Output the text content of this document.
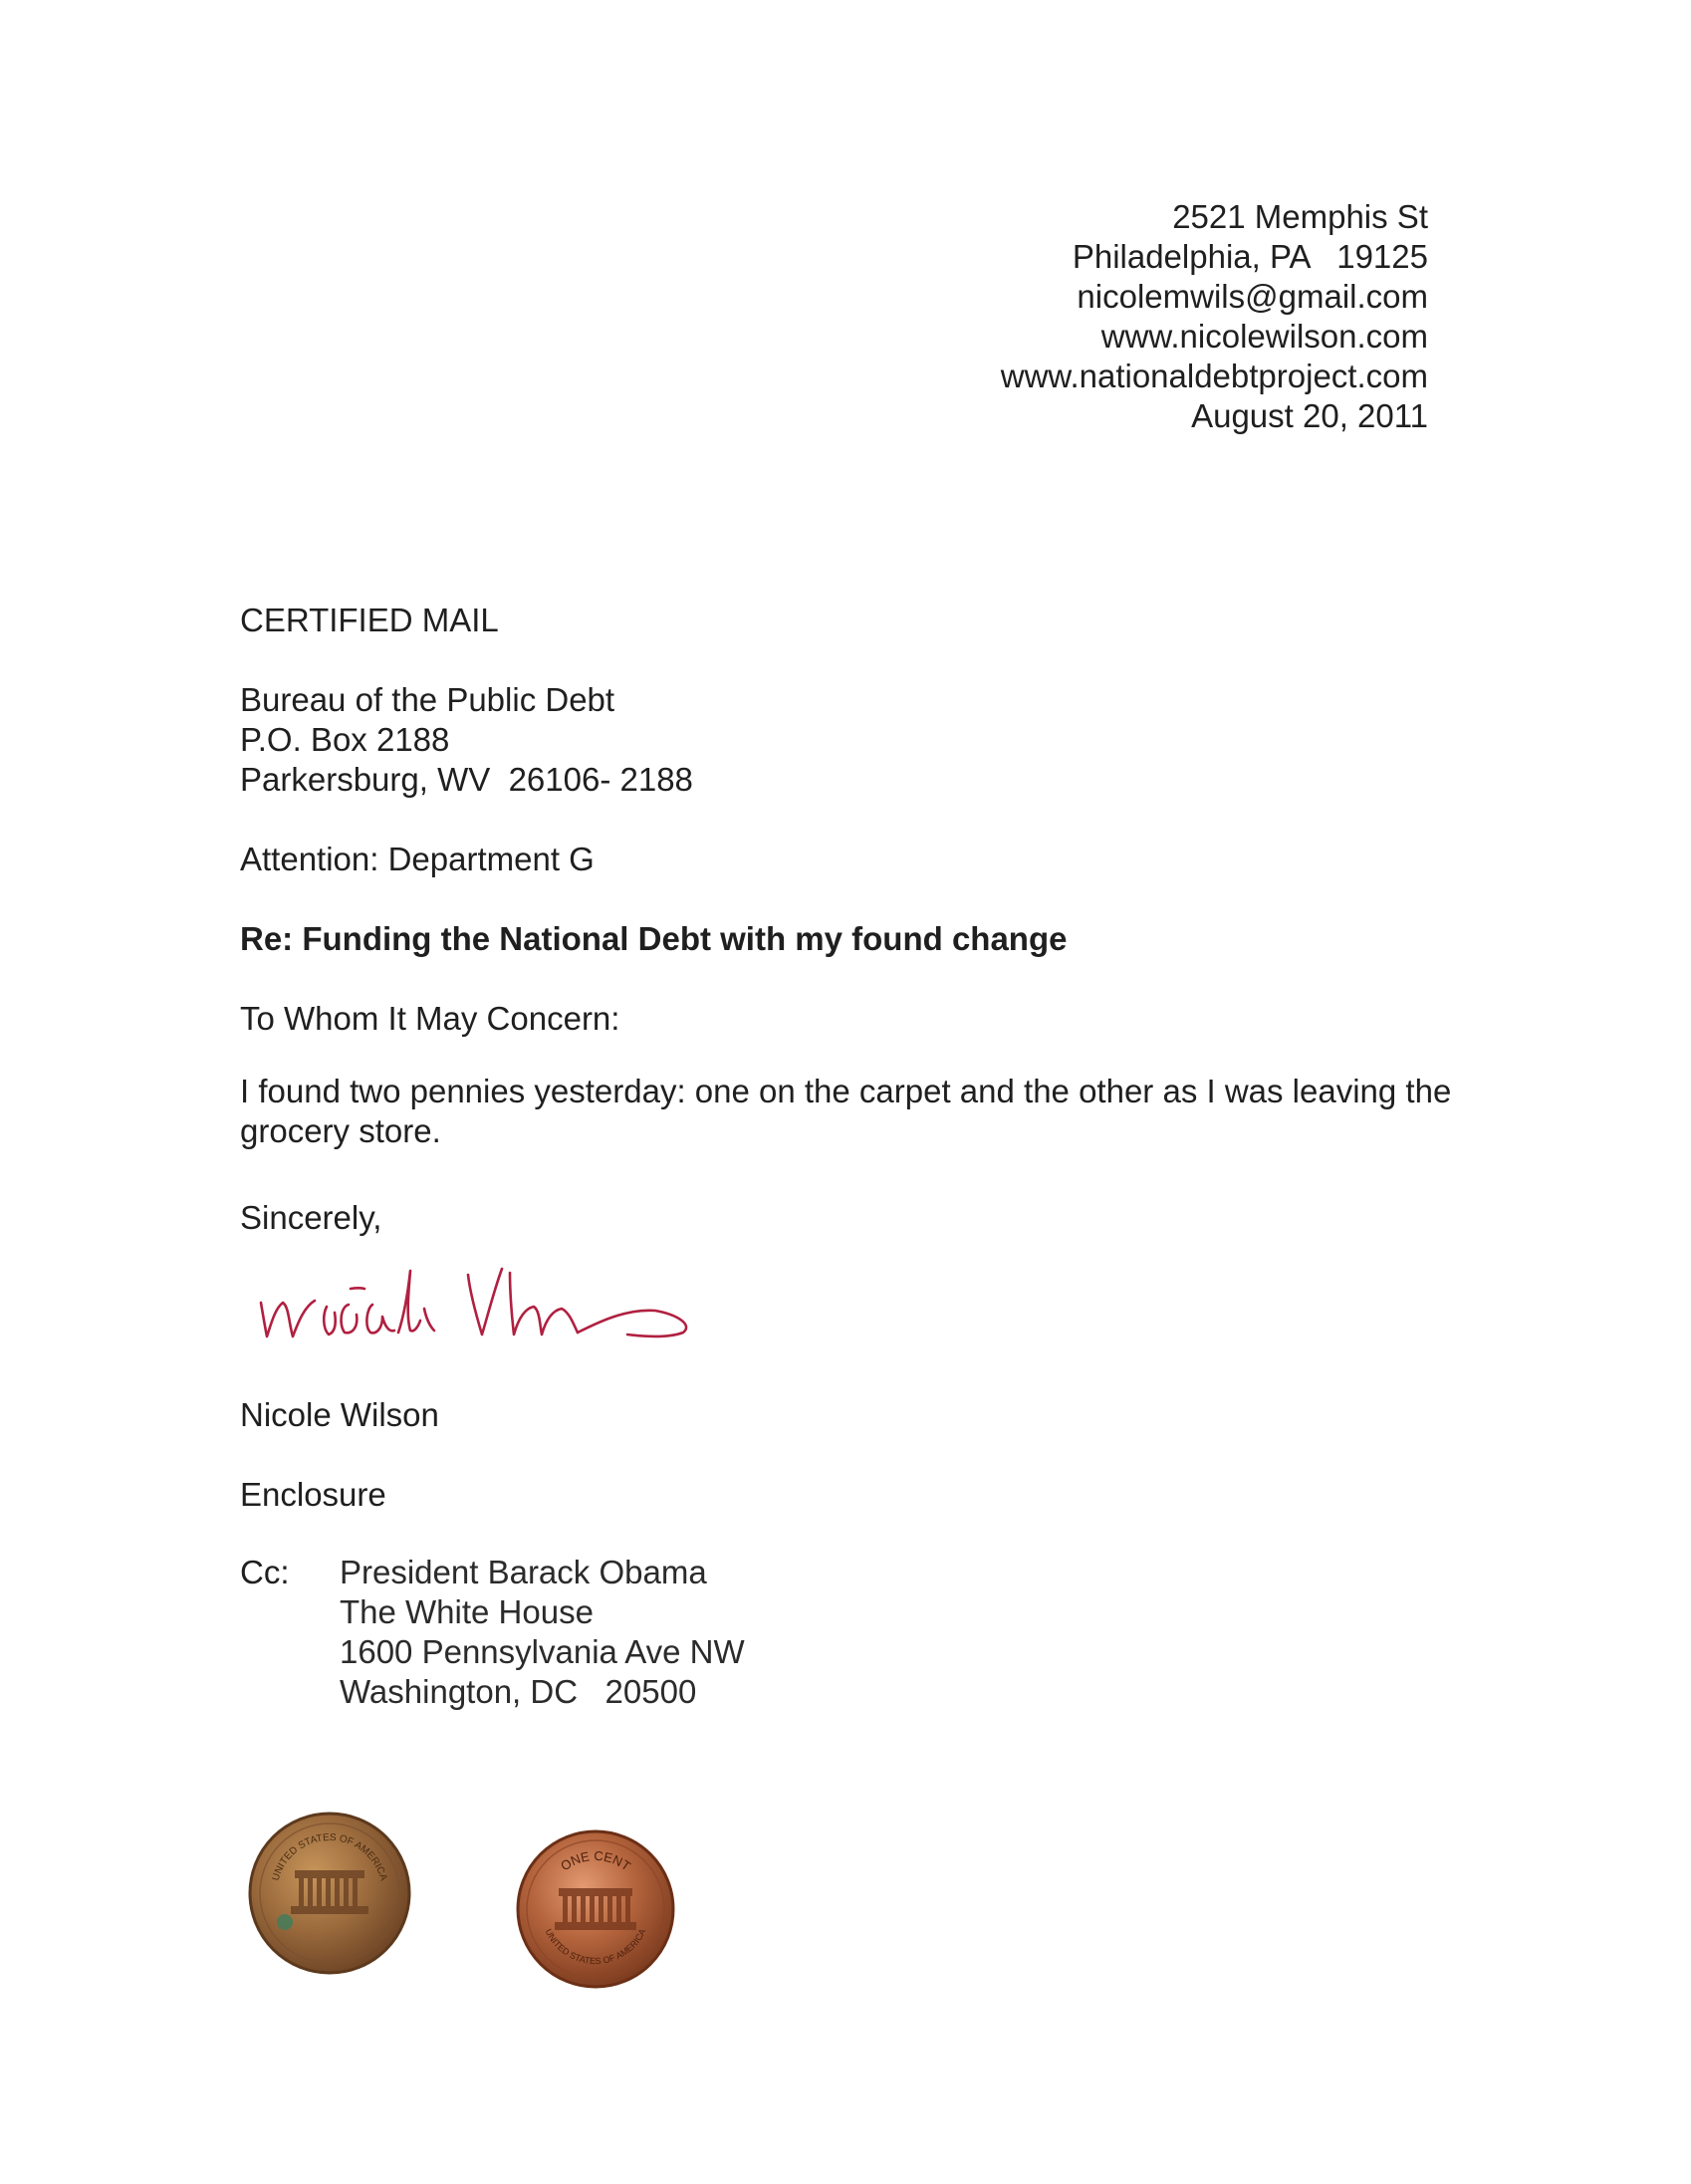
2521 Memphis St
Philadelphia, PA   19125
nicolemwils@gmail.com
www.nicolewilson.com
www.nationaldebtproject.com
August 20, 2011
CERTIFIED MAIL
Bureau of the Public Debt
P.O. Box 2188
Parkersburg, WV  26106- 2188
Attention: Department G
Re: Funding the National Debt with my found change
To Whom It May Concern:
I found two pennies yesterday: one on the carpet and the other as I was leaving the grocery store.
Sincerely,
Nicole Wilson
Enclosure
Cc: President Barack Obama
The White House
1600 Pennsylvania Ave NW
Washington, DC   20500
UNITED STATES OF AMERICA
ONE CENT
UNITED STATES OF AMERICA
